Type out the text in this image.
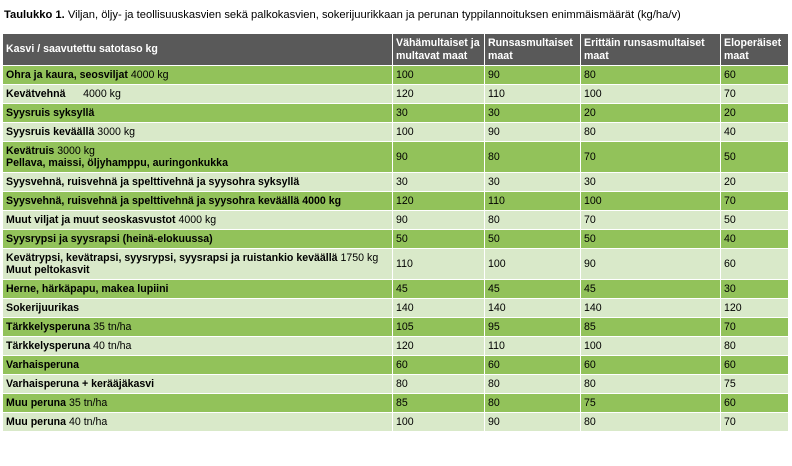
Taulukko 1. Viljan, öljy- ja teollisuuskasvien sekä palkokasvien, sokerijuurikkaan ja perunan typpilannoituksen enimmäismäärät (kg/ha/v)
Kasvi / saavutettu satotaso kg	Vähämultaiset ja multavat maat	Runsasmultaiset maat	Erittäin runsasmultaiset maat	Eloperäiset maat

Ohra ja kaura, seosviljat 4000 kg	100	90	80	60

Kevätvehnä      4000 kg	120	110	100	70

Syysruis syksyllä	30	30	20	20

Syysruis keväällä 3000 kg	100	90	80	40

Kevätruis 3000 kg
Pellava, maissi, öljyhamppu, auringonkukka	90	80	70	50

Syysvehnä, ruisvehnä ja spelttivehnä ja syysohra syksyllä	30	30	30	20

Syysvehnä, ruisvehnä ja spelttivehnä ja syysohra keväällä 4000 kg	120	110	100	70

Muut viljat ja muut seoskasvustot 4000 kg	90	80	70	50

Syysrypsi ja syysrapsi (heinä-elokuussa)	50	50	50	40

Kevätrypsi, kevätrapsi, syysrypsi, syysrapsi ja ruistankio keväällä 1750 kg
Muut peltokasvit	110	100	90	60

Herne, härkäpapu, makea lupiini	45	45	45	30

Sokerijuurikas	140	140	140	120

Tärkkelysperuna 35 tn/ha	105	95	85	70

Tärkkelysperuna 40 tn/ha	120	110	100	80

Varhaisperuna	60	60	60	60

Varhaisperuna + kerääjäkasvi	80	80	80	75

Muu peruna 35 tn/ha	85	80	75	60

Muu peruna 40 tn/ha	100	90	80	70
